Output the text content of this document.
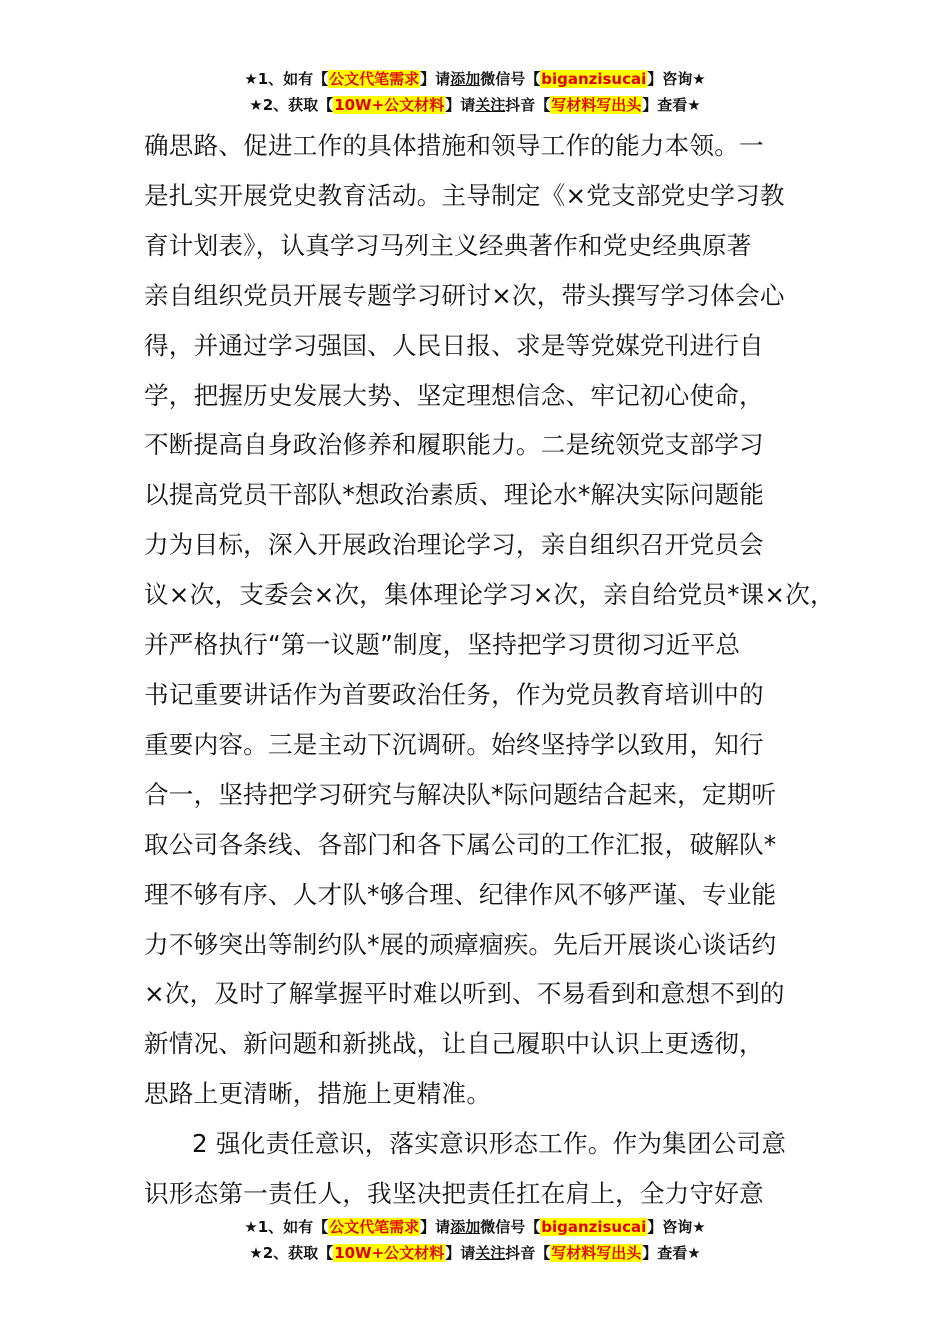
★1、如有【公文代笔需求】请添加微信号【biganzisucai】咨询★
★2、获取【10W+公文材料】请关注抖音【写材料写出头】查看★

确思路、促进工作的具体措施和领导工作的能力本领。一
是扎实开展党史教育活动。主导制定《×党支部党史学习教
育计划表》，认真学习马列主义经典著作和党史经典原著
亲自组织党员开展专题学习研讨×次，带头撰写学习体会心
得，并通过学习强国、人民日报、求是等党媒党刊进行自
学，把握历史发展大势、坚定理想信念、牢记初心使命，
不断提高自身政治修养和履职能力。二是统领党支部学习
以提高党员干部队*想政治素质、理论水*解决实际问题能
力为目标，深入开展政治理论学习，亲自组织召开党员会
议×次，支委会×次，集体理论学习×次，亲自给党员*课×次，
并严格执行“第一议题”制度，坚持把学习贯彻习近平总
书记重要讲话作为首要政治任务，作为党员教育培训中的
重要内容。三是主动下沉调研。始终坚持学以致用，知行
合一，坚持把学习研究与解决队*际问题结合起来，定期听
取公司各条线、各部门和各下属公司的工作汇报，破解队*
理不够有序、人才队*够合理、纪律作风不够严谨、专业能
力不够突出等制约队*展的顽瘴痼疾。先后开展谈心谈话约
×次，及时了解掌握平时难以听到、不易看到和意想不到的
新情况、新问题和新挑战，让自己履职中认识上更透彻，
思路上更清晰，措施上更精准。

2 强化责任意识，落实意识形态工作。作为集团公司意
识形态第一责任人，我坚决把责任扛在肩上，全力守好意

★1、如有【公文代笔需求】请添加微信号【biganzisucai】咨询★
★2、获取【10W+公文材料】请关注抖音【写材料写出头】查看★
